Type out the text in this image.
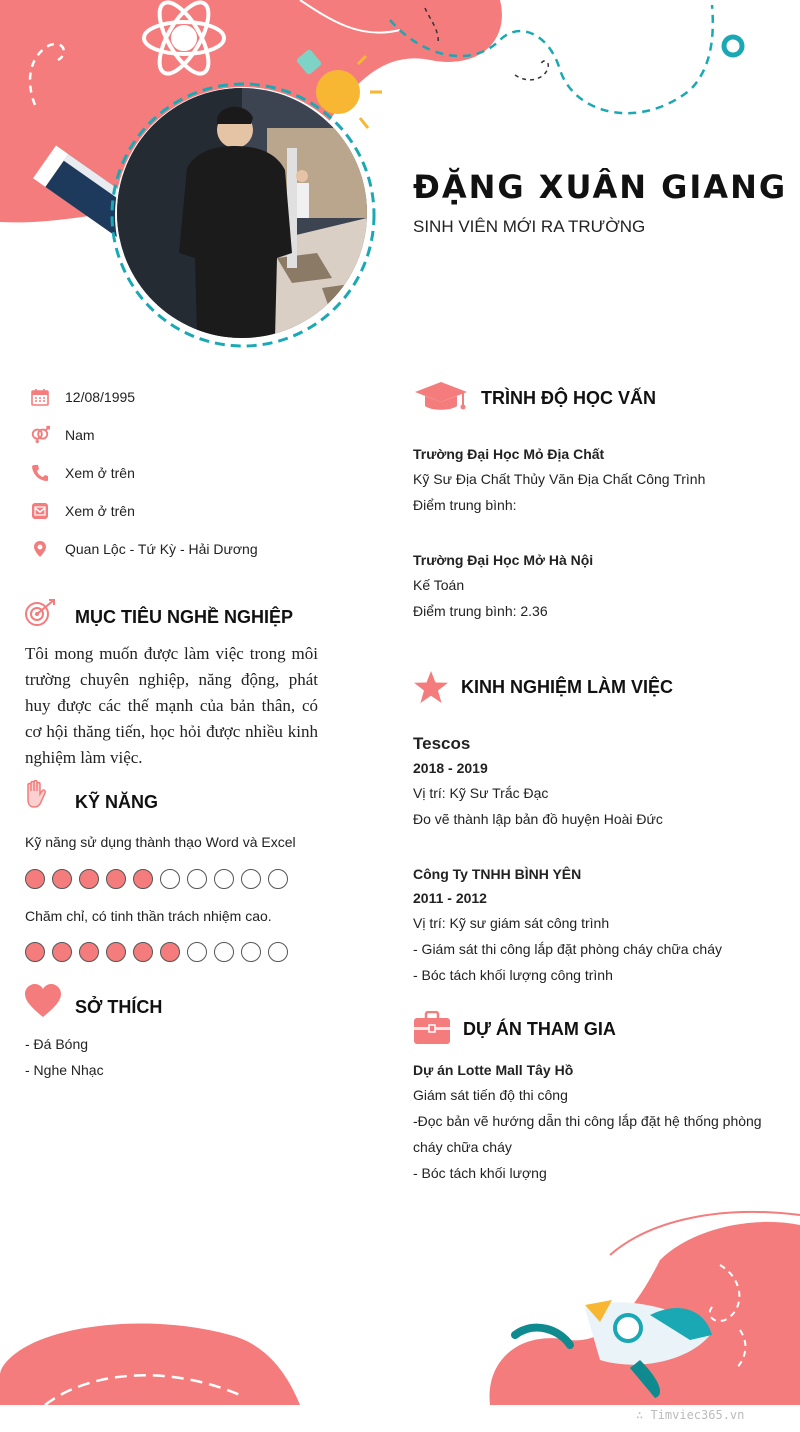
ĐẶNG XUÂN GIANG
SINH VIÊN MỚI RA TRƯỜNG
12/08/1995
Nam
Xem ở trên
Xem ở trên
Quan Lộc - Tứ Kỳ - Hải Dương
MỤC TIÊU NGHỀ NGHIỆP
Tôi mong muốn được làm việc trong môi trường chuyên nghiệp, năng động, phát huy được các thế mạnh của bản thân, có cơ hội thăng tiến, học hỏi được nhiều kinh nghiệm làm việc.
KỸ NĂNG
Kỹ năng sử dụng thành thạo Word và Excel
Chăm chỉ, có tinh thần trách nhiệm cao.
SỞ THÍCH
- Đá Bóng
- Nghe Nhạc
TRÌNH ĐỘ HỌC VẤN
Trường Đại Học Mỏ Địa Chất
Kỹ Sư Địa Chất Thủy Văn Địa Chất Công Trình
Điểm trung bình:
Trường Đại Học Mở Hà Nội
Kế Toán
Điểm trung bình: 2.36
KINH NGHIỆM LÀM VIỆC
Tescos
2018 - 2019
Vị trí: Kỹ Sư Trắc Đạc
Đo vẽ thành lập bản đồ huyện Hoài Đức
Công Ty TNHH BÌNH YÊN
2011 - 2012
Vị trí: Kỹ sư giám sát công trình
- Giám sát thi công lắp đặt phòng cháy chữa cháy
- Bóc tách khối lượng công trình
DỰ ÁN THAM GIA
Dự án Lotte Mall Tây Hồ
Giám sát tiến độ thi công
-Đọc bản vẽ hướng dẫn thi công lắp đặt hệ thống phòng cháy chữa cháy
- Bóc tách khối lượng
∴ Timviec365.vn
